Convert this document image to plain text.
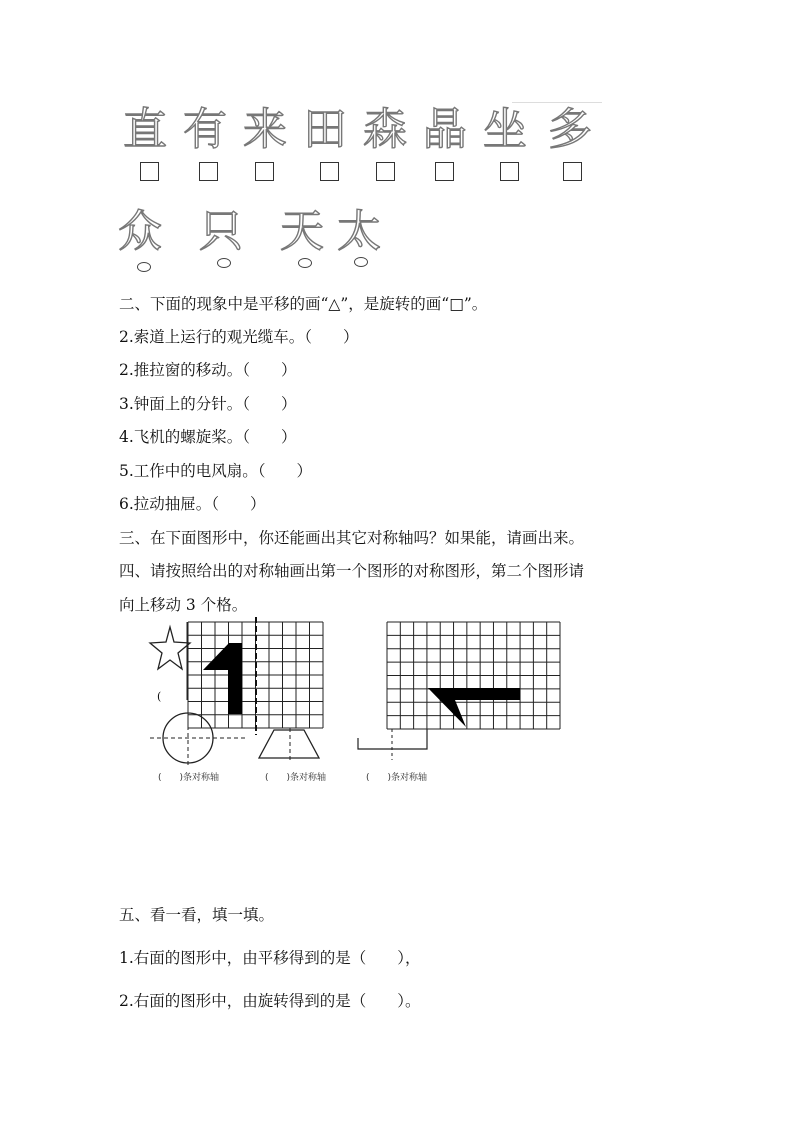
直 有 来 田 森 晶 坐 多
众 只 天 太
二、下面的现象中是平移的画“△”，是旋转的画“□”。
2.索道上运行的观光缆车。（　　）
2.推拉窗的移动。（　　）
3.钟面上的分针。（　　）
4.飞机的螺旋桨。（　　）
5.工作中的电风扇。（　　）
6.拉动抽屉。（　　）
三、在下面图形中，你还能画出其它对称轴吗？如果能，请画出来。
四、请按照给出的对称轴画出第一个图形的对称图形，第二个图形请
向上移动 3 个格。
(
(　　)条对称轴	(　　)条对称轴	(　　)条对称轴
五、看一看，填一填。
1.右面的图形中，由平移得到的是（　　），
2.右面的图形中，由旋转得到的是（　　）。
